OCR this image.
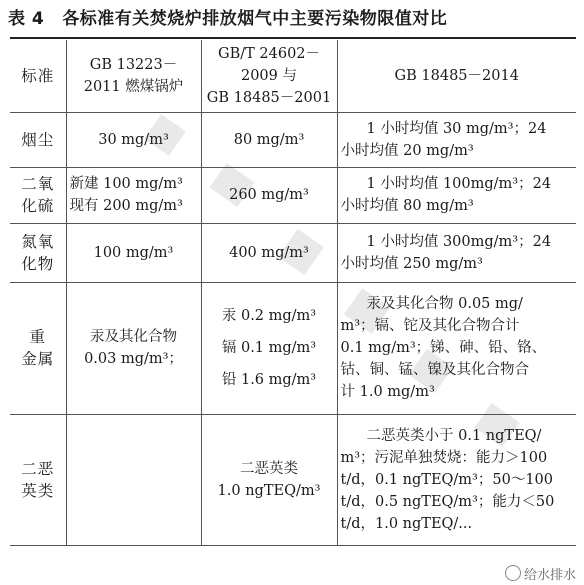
表 4 各标准有关焚烧炉排放烟气中主要污染物限值对比
标准	GB 13223－
2011 燃煤锅炉	GB/T 24602－
2009 与
GB 18485－2001	GB 18485－2014
烟尘	30 mg/m³	80 mg/m³	1 小时均值 30 mg/m³；24
小时均值 20 mg/m³

二氧
化硫	新建 100 mg/m³
现有 200 mg/m³	260 mg/m³	1 小时均值 100mg/m³；24
小时均值 80 mg/m³

氮氧
化物	100 mg/m³	400 mg/m³	1 小时均值 300mg/m³；24
小时均值 250 mg/m³

重
金属	汞及其化合物
0.03 mg/m³；	汞 0.2 mg/m³
镉 0.1 mg/m³
铅 1.6 mg/m³	汞及其化合物 0.05 mg/
m³；镉、铊及其化合物合计
0.1 mg/m³；锑、砷、铅、铬、
钴、铜、锰、镍及其化合物合
计 1.0 mg/m³

二恶
英类		二恶英类
1.0 ngTEQ/m³	二恶英类小于 0.1 ngTEQ/
m³；污泥单独焚烧：能力＞100
t/d，0.1 ngTEQ/m³；50～100
t/d，0.5 ngTEQ/m³；能力＜50
t/d，1.0 ngTEQ/...
给水排水
